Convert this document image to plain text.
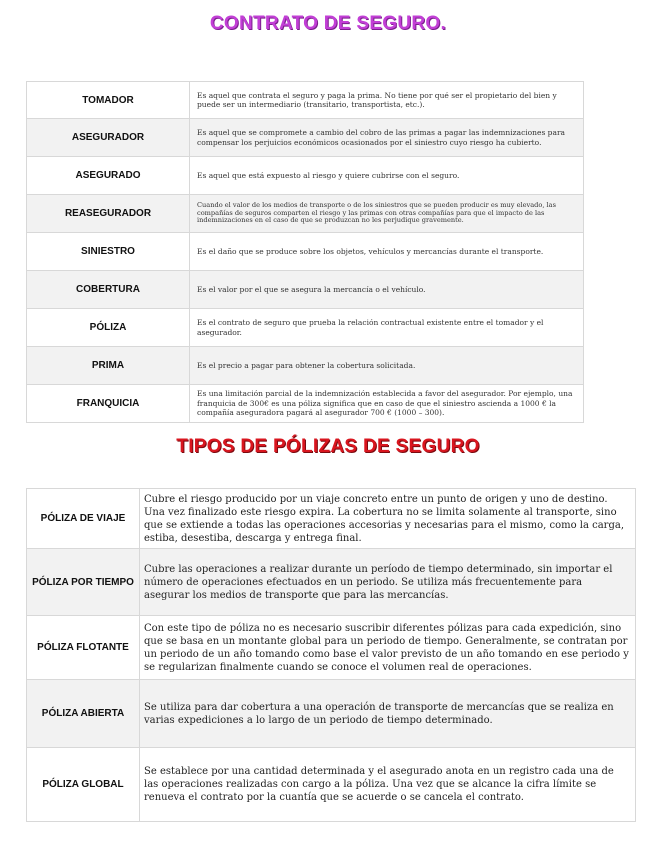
CONTRATO DE SEGURO.
TOMADOR	Es aquel que contrata el seguro y paga la prima. No tiene por qué ser el propietario del bien y puede ser un intermediario (transitario, transportista, etc.).
ASEGURADOR	Es aquel que se compromete a cambio del cobro de las primas a pagar las indemnizaciones para compensar los perjuicios económicos ocasionados por el siniestro cuyo riesgo ha cubierto.
ASEGURADO	Es aquel que está expuesto al riesgo y quiere cubrirse con el seguro.
REASEGURADOR	Cuando el valor de los medios de transporte o de los siniestros que se pueden producir es muy elevado, las compañías de seguros comparten el riesgo y las primas con otras compañías para que el impacto de las indemnizaciones en el caso de que se produzcan no les perjudique gravemente.
SINIESTRO	Es el daño que se produce sobre los objetos, vehículos y mercancías durante el transporte.
COBERTURA	Es el valor por el que se asegura la mercancía o el vehículo.
PÓLIZA	Es el contrato de seguro que prueba la relación contractual existente entre el tomador y el asegurador.
PRIMA	Es el precio a pagar para obtener la cobertura solicitada.
FRANQUICIA	Es una limitación parcial de la indemnización establecida a favor del asegurador. Por ejemplo, una franquicia de 300€ es una póliza significa que en caso de que el siniestro ascienda a 1000 € la compañía aseguradora pagará al asegurador 700 € (1000 – 300).
TIPOS DE PÓLIZAS DE SEGURO
PÓLIZA DE VIAJE	Cubre el riesgo producido por un viaje concreto entre un punto de origen y uno de destino. Una vez finalizado este riesgo expira. La cobertura no se limita solamente al transporte, sino que se extiende a todas las operaciones accesorias y necesarias para el mismo, como la carga, estiba, desestiba, descarga y entrega final.
PÓLIZA POR TIEMPO	Cubre las operaciones a realizar durante un período de tiempo determinado, sin importar el número de operaciones efectuados en un periodo. Se utiliza más frecuentemente para asegurar los medios de transporte que para las mercancías.
PÓLIZA FLOTANTE	Con este tipo de póliza no es necesario suscribir diferentes pólizas para cada expedición, sino que se basa en un montante global para un periodo de tiempo. Generalmente, se contratan por un periodo de un año tomando como base el valor previsto de un año tomando en ese periodo y se regularizan finalmente cuando se conoce el volumen real de operaciones.
PÓLIZA ABIERTA	Se utiliza para dar cobertura a una operación de transporte de mercancías que se realiza en varias expediciones a lo largo de un periodo de tiempo determinado.
PÓLIZA GLOBAL	Se establece por una cantidad determinada y el asegurado anota en un registro cada una de las operaciones realizadas con cargo a la póliza. Una vez que se alcance la cifra límite se renueva el contrato por la cuantía que se acuerde o se cancela el contrato.
